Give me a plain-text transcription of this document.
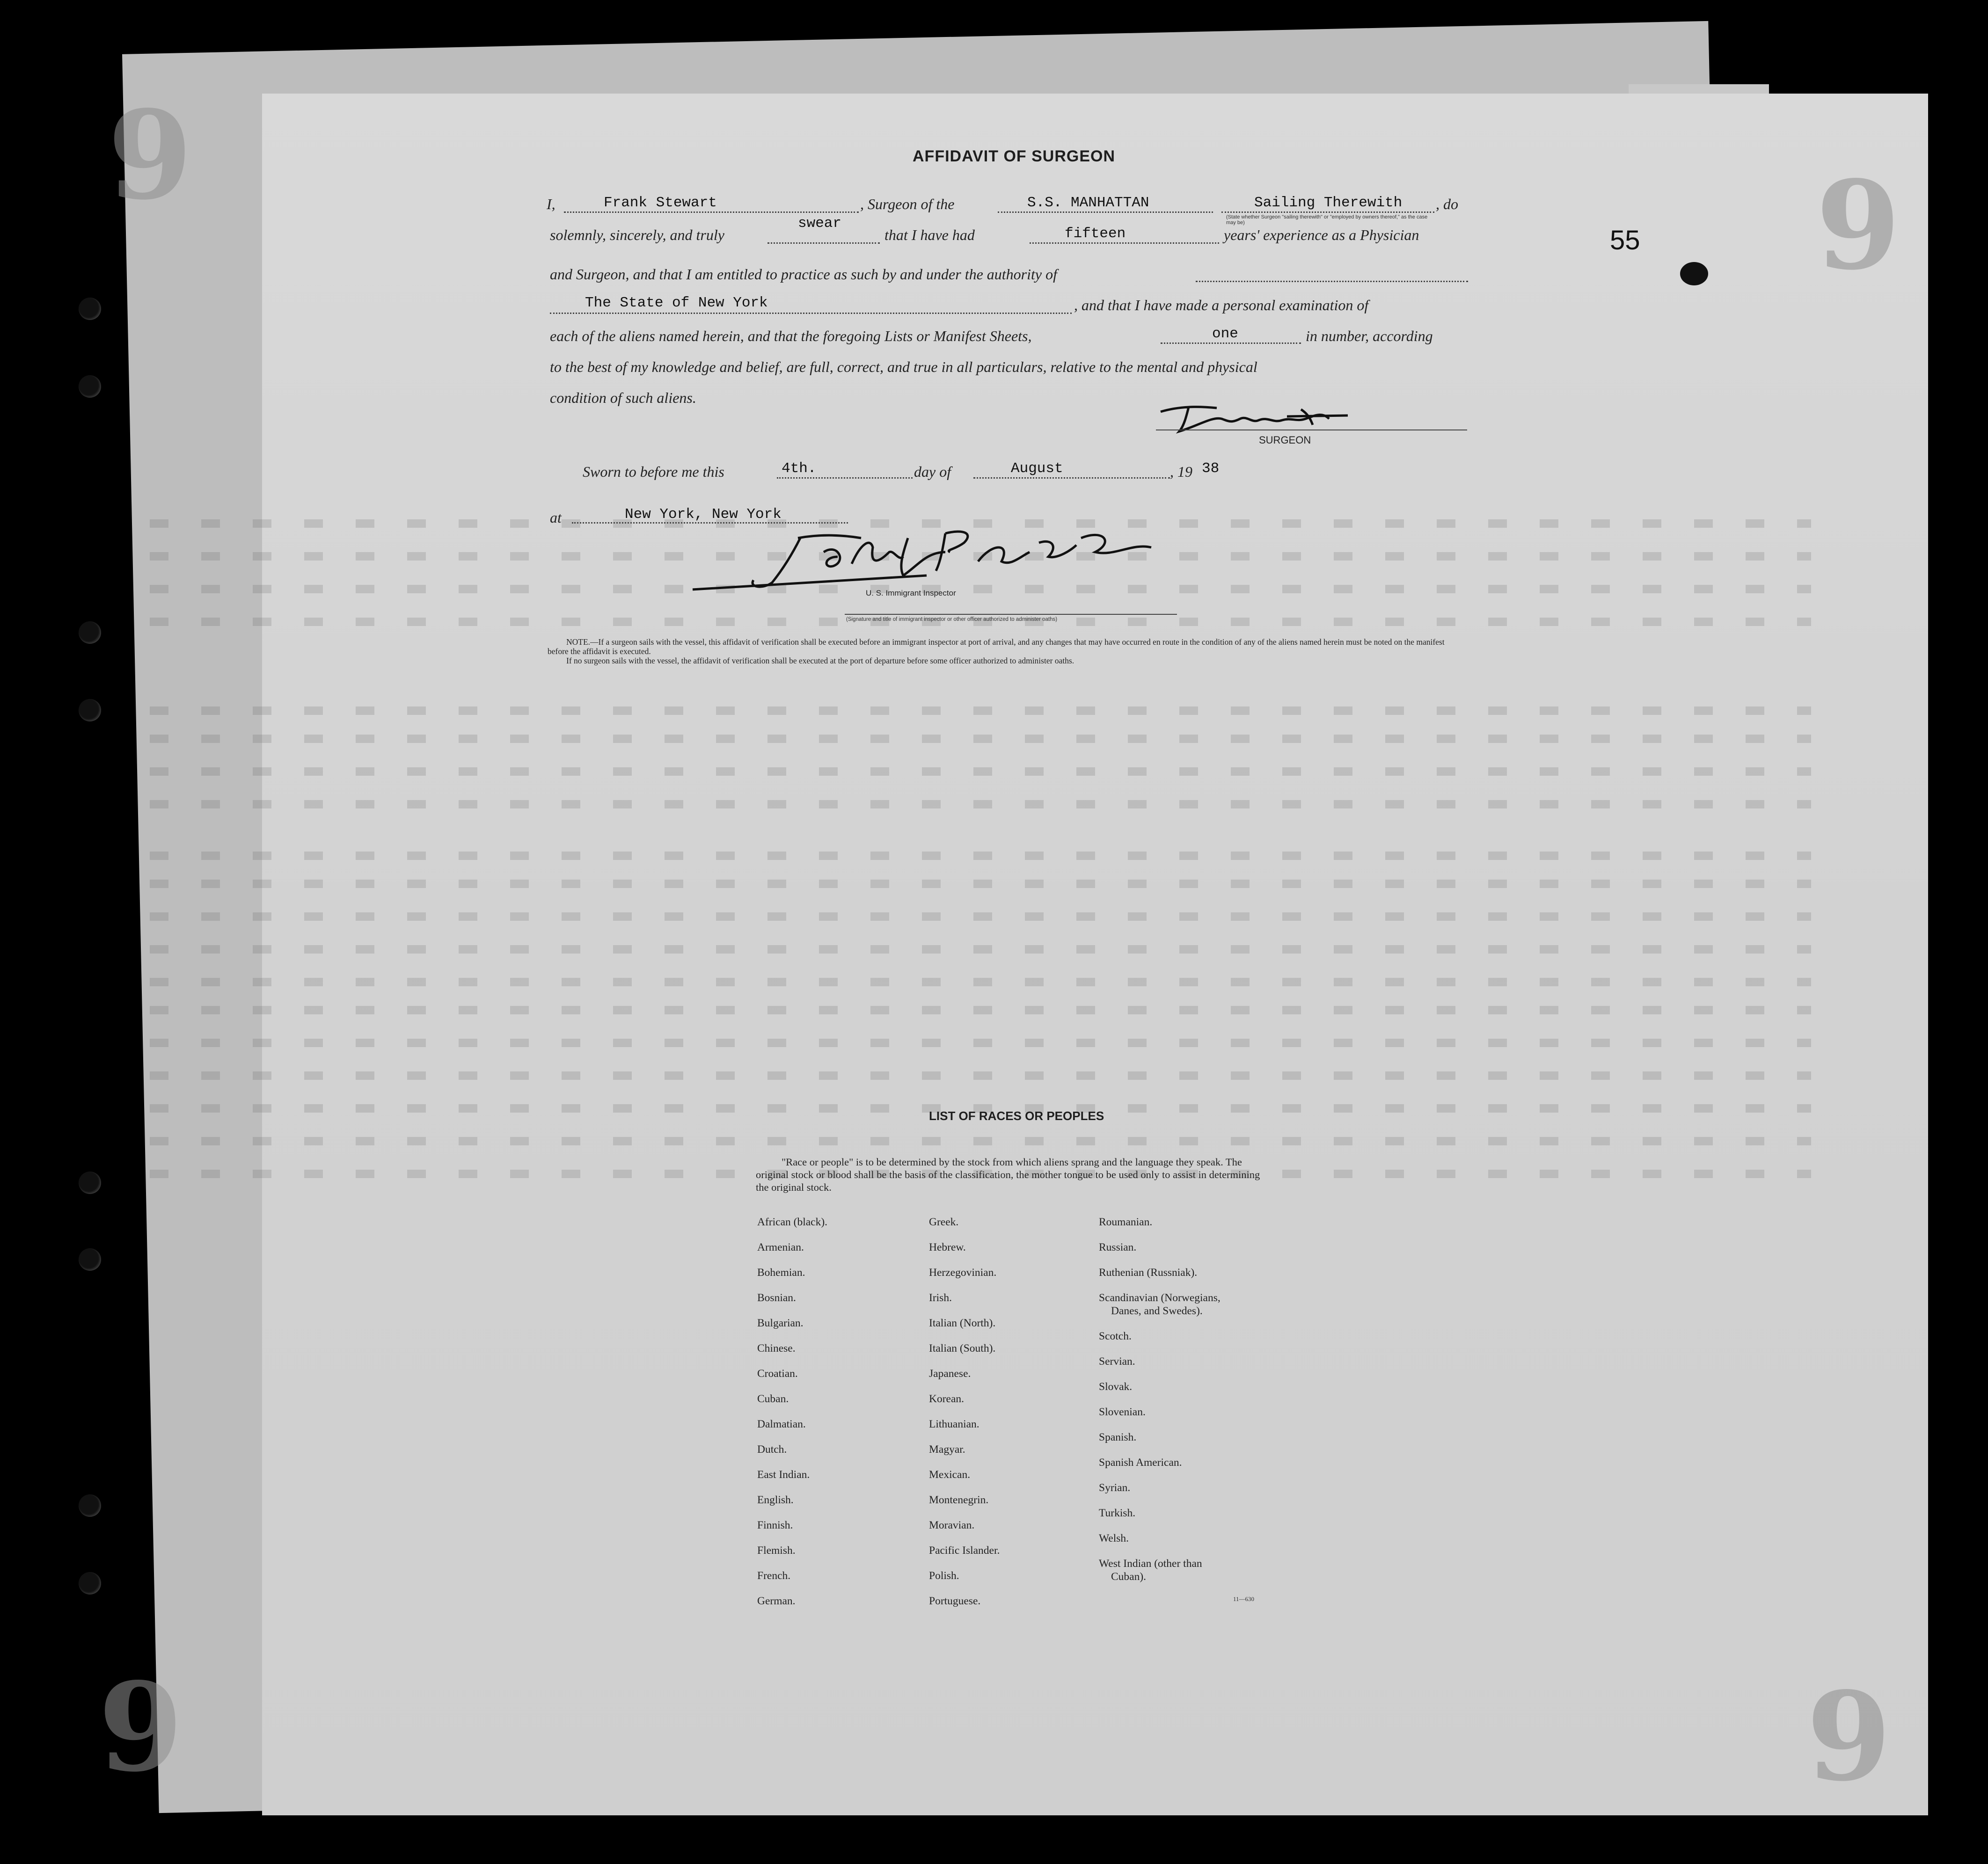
9	9
9	9
55
AFFIDAVIT OF SURGEON
I,	Frank Stewart	, Surgeon of the	S.S. MANHATTAN	Sailing Therewith , do
(State whether Surgeon "sailing therewith" or "employed by owners thereof," as the case may be)
solemnly, sincerely, and truly
swear
that I have had	fifteen	years' experience as a Physician
and Surgeon, and that I am entitled to practice as such by and under the authority of
The State of New York	, and that I have made a personal examination of
each of the aliens named herein, and that the foregoing Lists or Manifest Sheets,	one	in number, according
to the best of my knowledge and belief, are full, correct, and true in all particulars, relative to the mental and physical
condition of such aliens.
SURGEON
Sworn to before me this	4th.	day of	August	, 19 38
at	New York, New York
U. S. Immigrant Inspector
(Signature and title of immigrant inspector or other officer authorized to administer oaths)
NOTE.—If a surgeon sails with the vessel, this affidavit of verification shall be executed before an immigrant inspector at port of arrival, and any changes that may have occurred en route in the condition of any of the aliens named herein must be noted on the manifest before the affidavit is executed.
If no surgeon sails with the vessel, the affidavit of verification shall be executed at the port of departure before some officer authorized to administer oaths.
LIST OF RACES OR PEOPLES
"Race or people" is to be determined by the stock from which aliens sprang and the language they speak. The original stock or blood shall be the basis of the classification, the mother tongue to be used only to assist in determining the original stock.
African (black).
Armenian.
Bohemian.
Bosnian.
Bulgarian.
Chinese.
Croatian.
Cuban.
Dalmatian.
Dutch.
East Indian.
English.
Finnish.
Flemish.
French.
German.
Greek.
Hebrew.
Herzegovinian.
Irish.
Italian (North).
Italian (South).
Japanese.
Korean.
Lithuanian.
Magyar.
Mexican.
Montenegrin.
Moravian.
Pacific Islander.
Polish.
Portuguese.
Roumanian.
Russian.
Ruthenian (Russniak).
Scandinavian (Norwegians,
Danes, and Swedes).
Scotch.
Servian.
Slovak.
Slovenian.
Spanish.
Spanish American.
Syrian.
Turkish.
Welsh.
West Indian (other than
Cuban).
11—630
